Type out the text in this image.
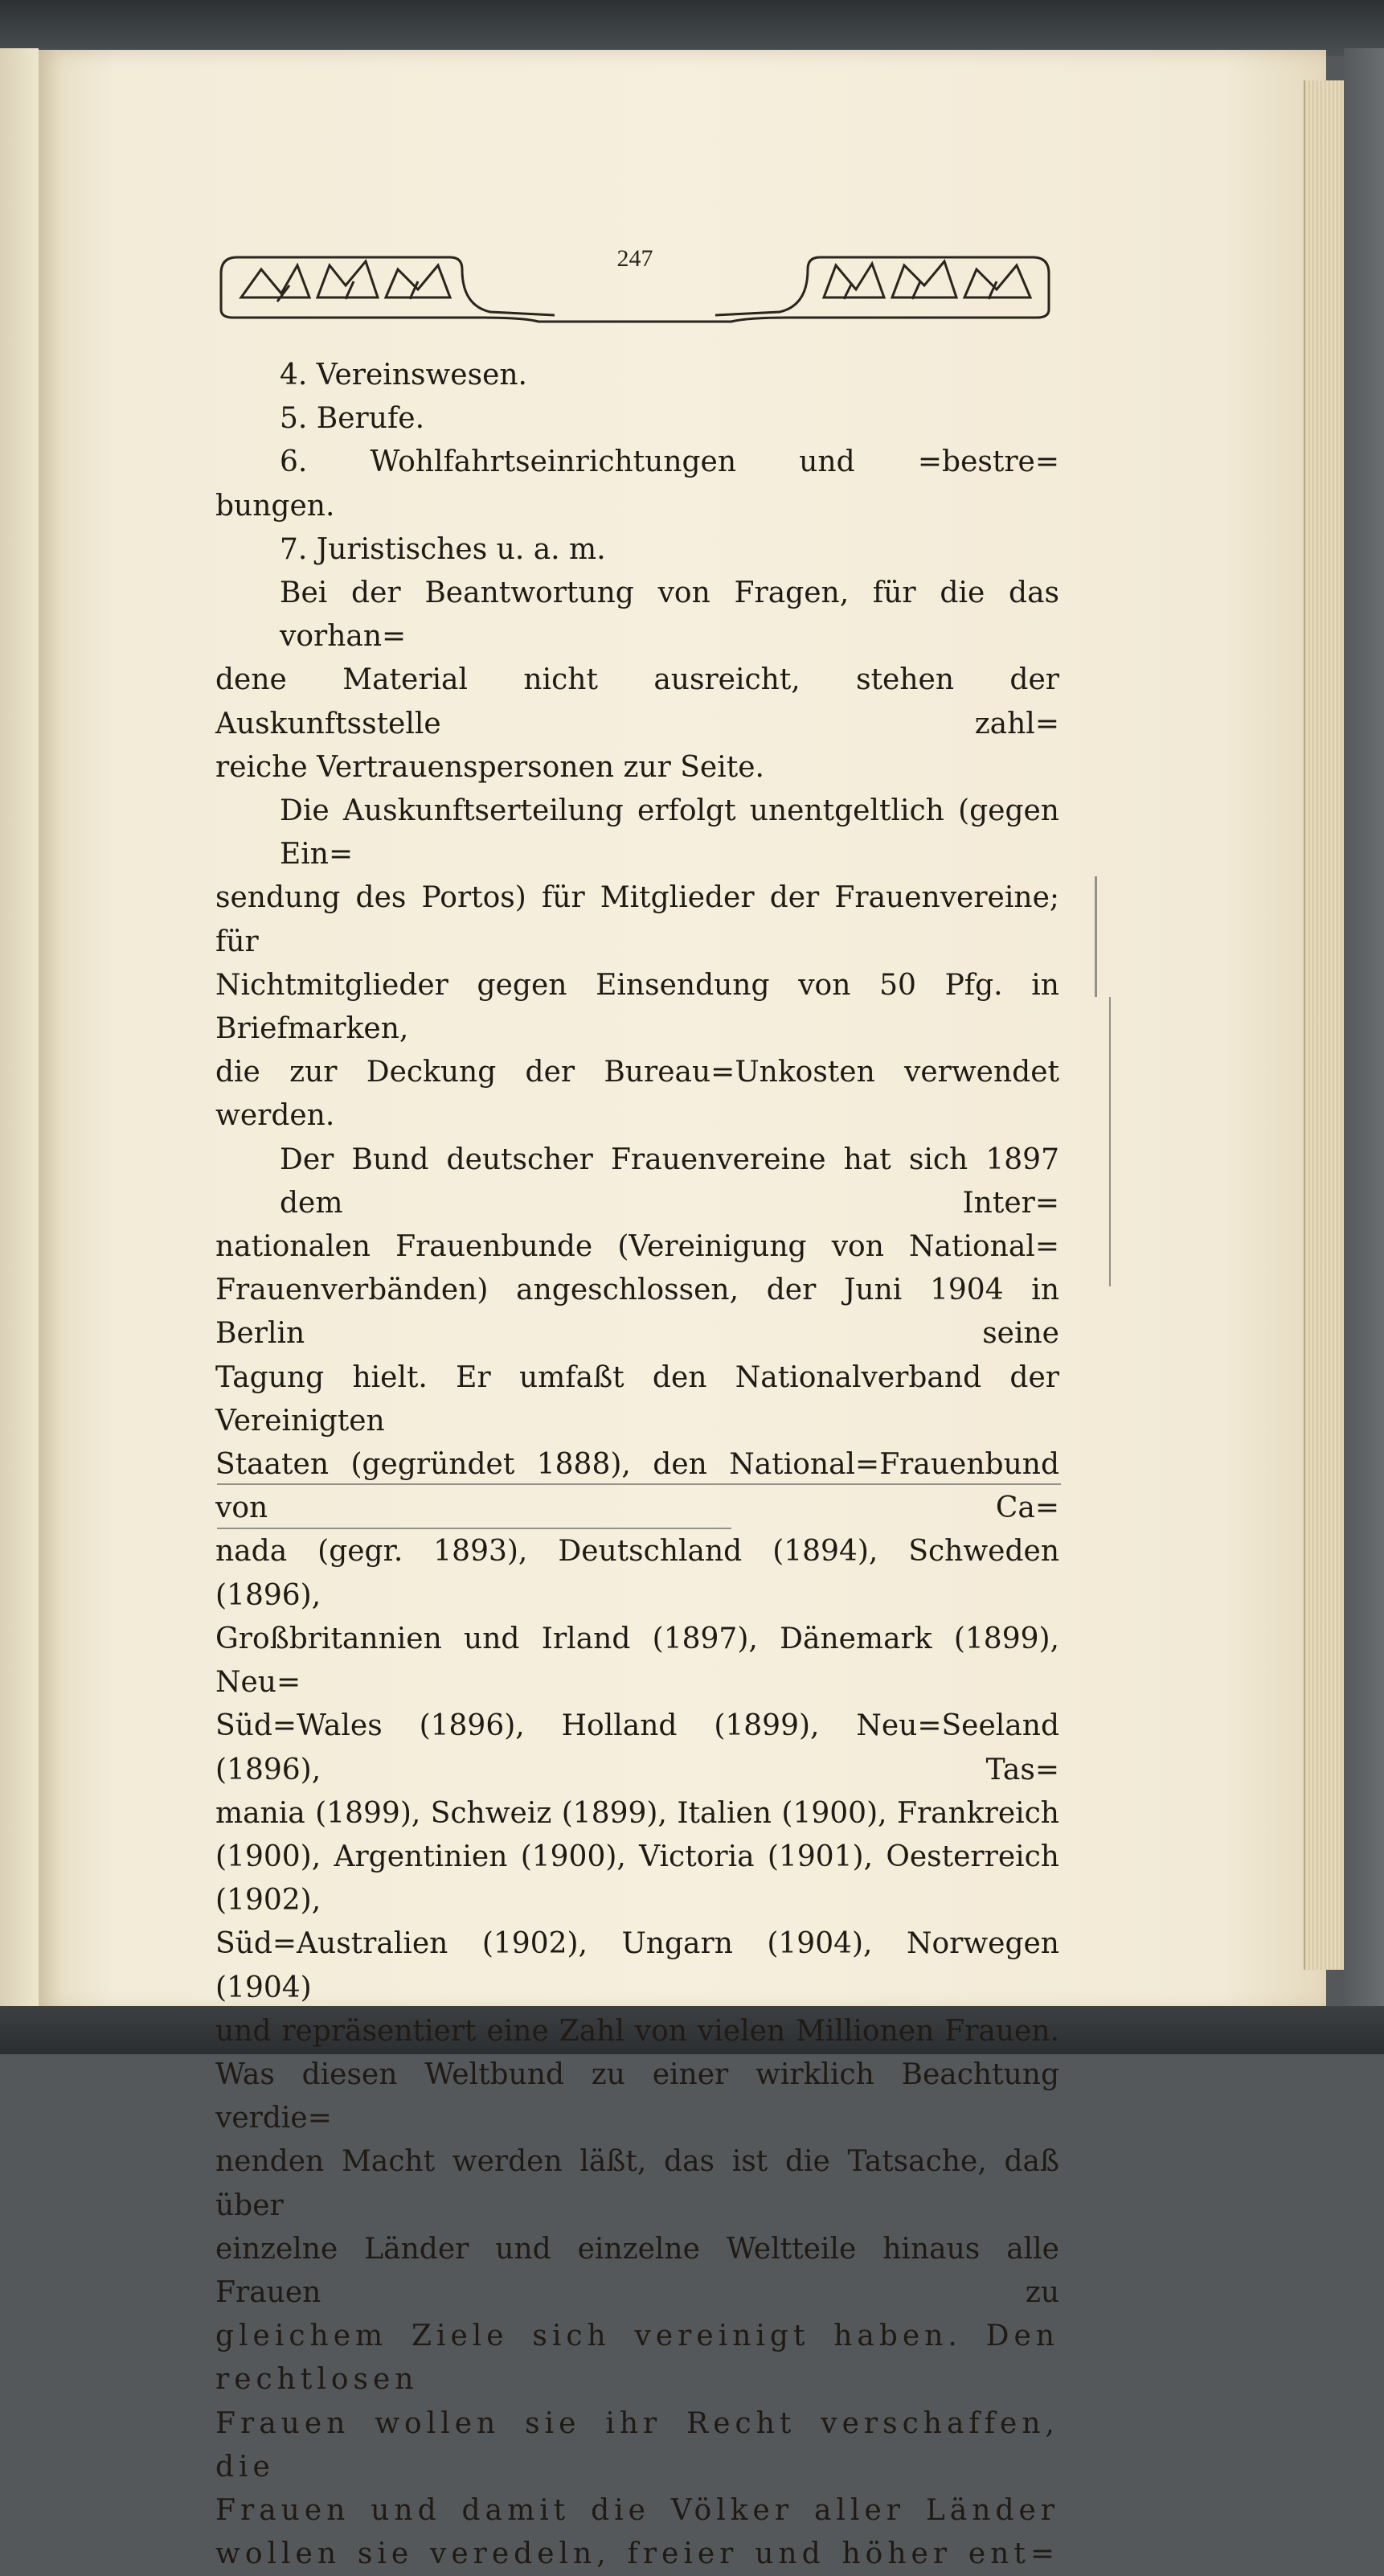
247

4. Vereinswesen.

5. Berufe.

6. Wohlfahrtseinrichtungen und =bestre=

bungen.

7. Juristisches u. a. m.

Bei der Beantwortung von Fragen, für die das vorhan=

dene Material nicht ausreicht, stehen der Auskunftsstelle zahl=

reiche Vertrauenspersonen zur Seite.

Die Auskunftserteilung erfolgt unentgeltlich (gegen Ein=

sendung des Portos) für Mitglieder der Frauenvereine; für

Nichtmitglieder gegen Einsendung von 50 Pfg. in Briefmarken,

die zur Deckung der Bureau=Unkosten verwendet werden.

Der Bund deutscher Frauenvereine hat sich 1897 dem Inter=

nationalen Frauenbunde (Vereinigung von National=

Frauenverbänden) angeschlossen, der Juni 1904 in Berlin seine

Tagung hielt. Er umfaßt den Nationalverband der Vereinigten

Staaten (gegründet 1888), den National=Frauenbund von Ca=

nada (gegr. 1893), Deutschland (1894), Schweden (1896),

Großbritannien und Irland (1897), Dänemark (1899), Neu=

Süd=Wales (1896), Holland (1899), Neu=Seeland (1896), Tas=

mania (1899), Schweiz (1899), Italien (1900), Frankreich

(1900), Argentinien (1900), Victoria (1901), Oesterreich (1902),

Süd=Australien (1902), Ungarn (1904), Norwegen (1904)

und repräsentiert eine Zahl von vielen Millionen Frauen.

Was diesen Weltbund zu einer wirklich Beachtung verdie=

nenden Macht werden läßt, das ist die Tatsache, daß über

einzelne Länder und einzelne Weltteile hinaus alle Frauen zu

gleichem Ziele sich vereinigt haben. Den rechtlosen

Frauen wollen sie ihr Recht verschaffen, die

Frauen und damit die Völker aller Länder

wollen sie veredeln, freier und höher ent=
